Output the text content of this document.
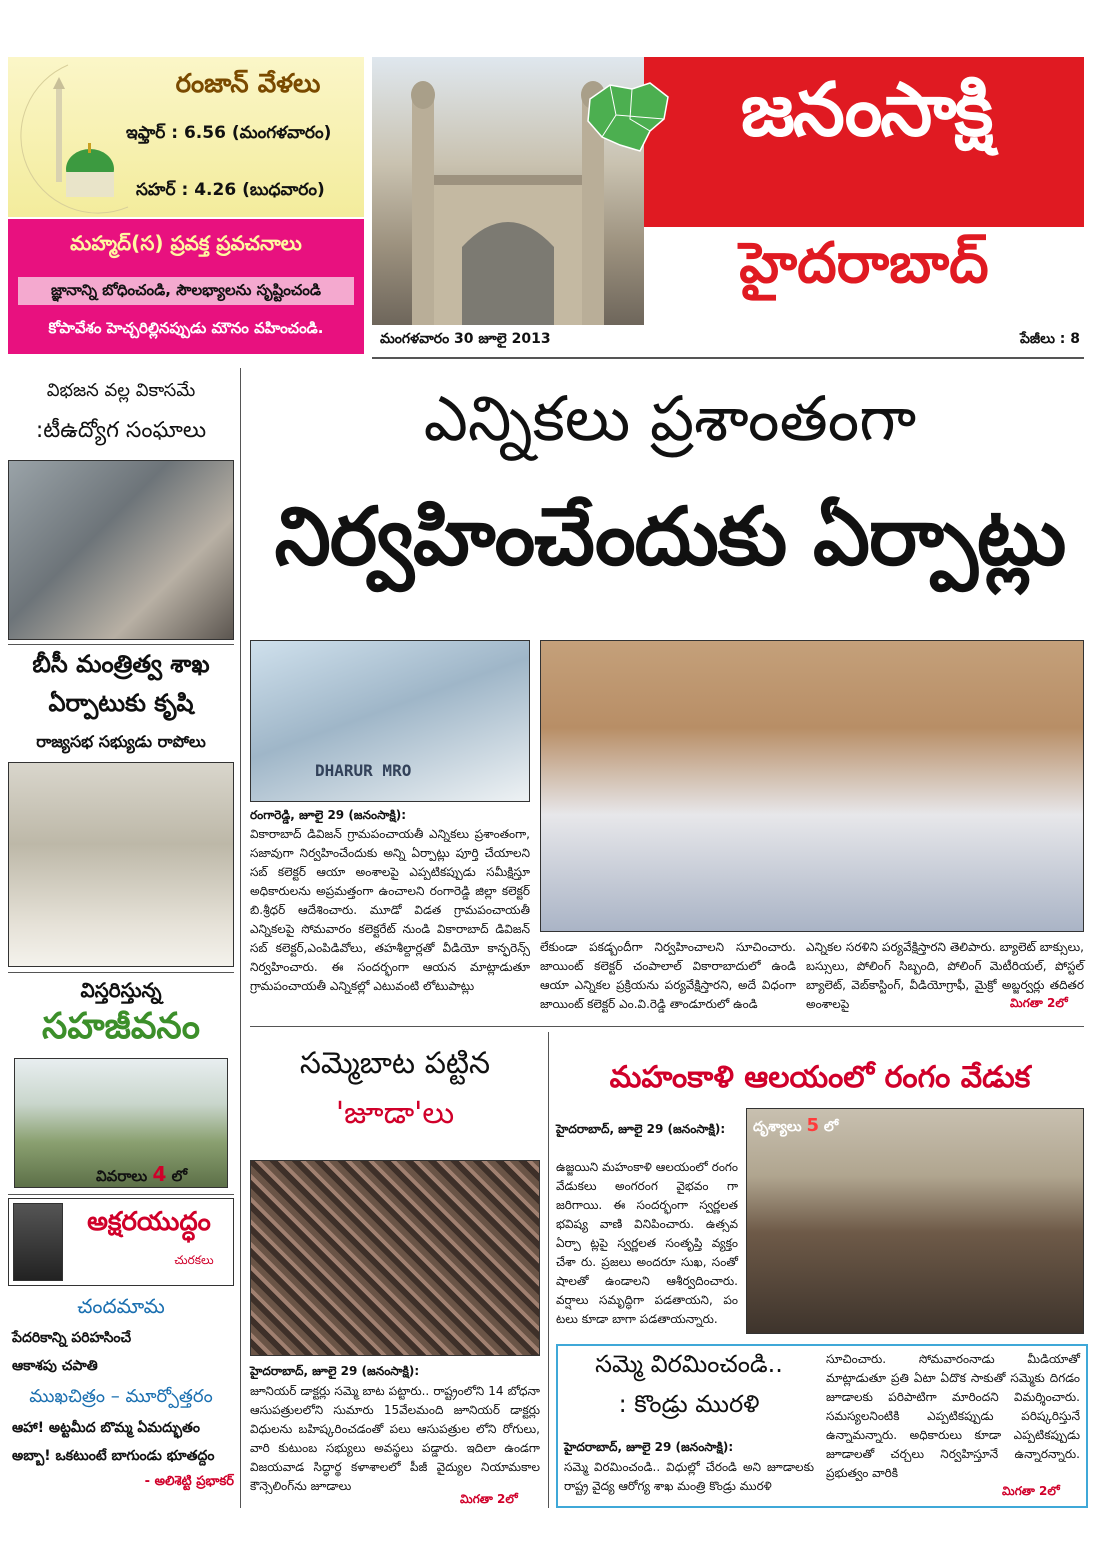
రంజాన్ వేళలు
ఇఫ్తార్ : 6.56 (మంగళవారం)
సహర్ : 4.26 (బుధవారం)
మహ్మద్(స) ప్రవక్త ప్రవచనాలు
జ్ఞానాన్ని బోధించండి, సౌలభ్యాలను సృష్టించండి
కోపావేశం హెచ్చరిల్లినప్పుడు మౌనం వహించండి.
జనంసాక్షి
హైదరాబాద్
మంగళవారం 30 జూలై 2013	పేజీలు : 8
విభజన వల్ల వికాసమే
:టీఉద్యోగ సంఘాలు
బీసీ మంత్రిత్వ శాఖ
ఏర్పాటుకు కృషి
రాజ్యసభ సభ్యుడు రాపోలు
విస్తరిస్తున్న
సహజీవనం
వివరాలు 4 లో
అక్షరయుద్ధం
చురకలు
చందమామ
పేదరికాన్ని పరిహసించే
ఆకాశపు చపాతి
ముఖచిత్రం – మూర్పోత్తరం
ఆహా! అట్టమీద బొమ్మ ఏమద్భుతం
అబ్బా! ఒకటుంటే బాగుండు భూతద్దం
- అలిశెట్టి ప్రభాకర్
ఎన్నికలు ప్రశాంతంగా
నిర్వహించేందుకు ఏర్పాట్లు
DHARUR MRO
రంగారెడ్డి, జూలై 29 (జనంసాక్షి):
వికారాబాద్ డివిజన్ గ్రామపంచాయతీ ఎన్నికలు ప్రశాంతంగా, సజావుగా నిర్వహించేందుకు అన్ని ఏర్పాట్లు పూర్తి చేయాలని సబ్ కలెక్టర్ ఆయా అంశాలపై ఎప్పటికప్పుడు సమీక్షిస్తూ అధికారులను అప్రమత్తంగా ఉంచాలని రంగారెడ్డి జిల్లా కలెక్టర్ బి.శ్రీధర్ ఆదేశించారు. మూడో విడత గ్రామపంచాయతీ ఎన్నికలపై సోమవారం కలెక్టరేట్ నుండి వికారాబాద్ డివిజన్ సబ్ కలెక్టర్,ఎంపిడివోలు, తహశీల్దార్లతో వీడియో కాన్ఫరెన్స్ నిర్వహించారు. ఈ సందర్భంగా ఆయన మాట్లాడుతూ గ్రామపంచాయతీ ఎన్నికల్లో ఎటువంటి లోటుపాట్లు
లేకుండా పకడ్బందీగా నిర్వహించాలని సూచించారు. జాయింట్ కలెక్టర్ చంపాలాల్ వికారాబాదులో ఉండి ఆయా ఎన్నికల ప్రక్రియను పర్యవేక్షిస్తారని, అదే విధంగా జాయింట్ కలెక్టర్ ఎం.వి.రెడ్డి తాండూరులో ఉండి
ఎన్నికల సరళిని పర్యవేక్షిస్తారని తెలిపారు. బ్యాలెట్ బాక్సులు, బస్సులు, పోలింగ్ సిబ్బంది, పోలింగ్ మెటీరియల్, పోస్టల్ బ్యాలెట్, వెబ్‌కాస్టింగ్, వీడియోగ్రాఫీ, మైక్రో అబ్జర్వర్లు తదితర అంశాలపై	మిగతా 2లో
సమ్మెబాట పట్టిన
'జూడా'లు
హైదరాబాద్, జూలై 29 (జనంసాక్షి):
జూనియర్ డాక్టర్లు సమ్మె బాట పట్టారు.. రాష్ట్రంలోని 14 బోధనా ఆసుపత్రులలోని సుమారు 15వేలమంది జూనియర్ డాక్టర్లు విధులను బహిష్కరించడంతో పలు ఆసుపత్రుల లోని రోగులు, వారి కుటుంబ సభ్యులు అవస్థలు పడ్డారు. ఇదిలా ఉండగా విజయవాడ సిద్ధార్థ కళాశాలలో పీజీ వైద్యుల నియామకాల కౌన్సెలింగ్‌ను జూడాలు
మిగతా 2లో
మహంకాళి ఆలయంలో రంగం వేడుక
హైదరాబాద్, జూలై 29 (జనంసాక్షి):
ఉజ్జయిని మహంకాళి ఆలయంలో రంగం వేడుకలు అంగరంగ వైభవం గా జరిగాయి. ఈ సందర్భంగా స్వర్ణలత భవిష్య వాణి వినిపించారు. ఉత్సవ ఏర్పా ట్లపై స్వర్ణలత సంతృప్తి వ్యక్తం చేశా రు. ప్రజలు అందరూ సుఖ, సంతో షాలతో ఉండాలని ఆశీర్వదించారు. వర్షాలు సమృద్ధిగా పడతాయని, పం టలు కూడా బాగా పడతాయన్నారు.
దృశ్యాలు 5 లో
సమ్మె విరమించండి..
: కొండ్రు మురళి
హైదరాబాద్, జూలై 29 (జనంసాక్షి):
సమ్మె విరమించండి.. విధుల్లో చేరండి అని జూడాలకు రాష్ట్ర వైద్య ఆరోగ్య శాఖ మంత్రి కొండ్రు మురళి
సూచించారు. సోమవారంనాడు మీడియాతో మాట్లాడుతూ ప్రతి ఏటా ఏదొక సాకుతో సమ్మెకు దిగడం జూడాలకు పరిపాటిగా మారిందని విమర్శించారు. సమస్యలనింటికి ఎప్పటికప్పుడు పరిష్కరిస్తునే ఉన్నామన్నారు. అధికారులు కూడా ఎప్పటికప్పుడు జూడాలతో చర్చలు నిర్వహిస్తూనే ఉన్నారన్నారు. ప్రభుత్వం వారికి
మిగతా 2లో
